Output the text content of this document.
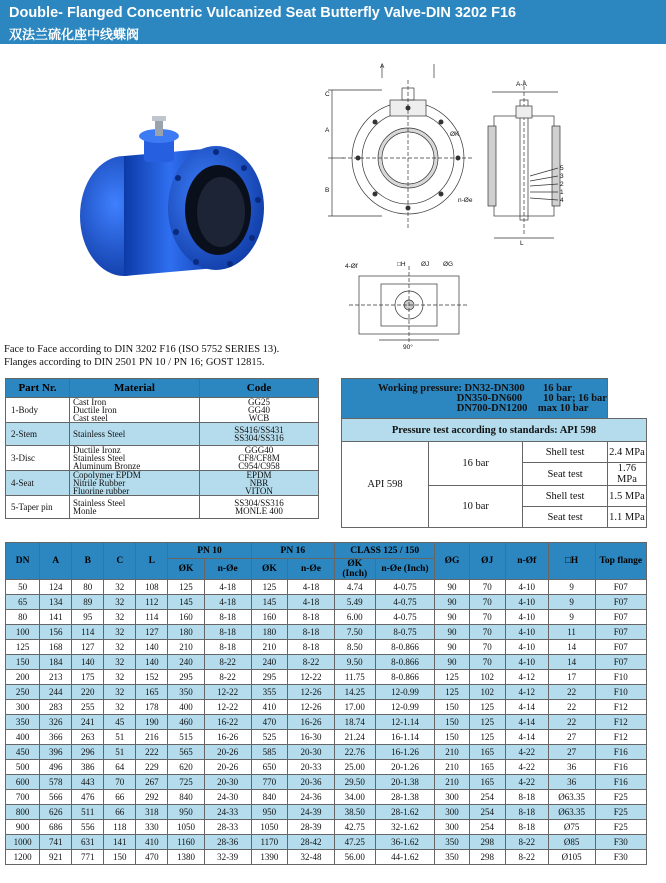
Double- Flanged Concentric Vulcanized Seat Butterfly Valve-DIN 3202 F16
双法兰硫化座中线蝶阀
A
A-A
C
A
B
L
ØK
n-Øe
5
3
2
1
4
4-Øf	□H ØJ ØG
90°
Face to Face according to DIN 3202 F16 (ISO 5752 SERIES 13).
Flanges according to DIN 2501 PN 10 / PN 16; GOST 12815.
Part Nr.	Material	Code
1-Body	Cast Iron
Ductile Iron
Cast steel	GG25
GG40
WCB

2-Stem	Stainless Steel	SS416/SS431
SS304/SS316

3-Disc	Ductile Ironz
Stainless Steel
Aluminum Bronze	GGG40
CF8/CF8M
C954/C958

4-Seat	Copolymer EPDM
Nitrile Rubber
Fluorine rubber	EPDM
NBR
VITON

5-Taper pin	Stainless Steel
Monle	SS304/SS316
MONLE 400
Working pressure: DN32-DN300       16 bar
DN350-DN600        10 bar; 16 bar
DN700-DN1200    max 10 bar			

Pressure test according to standards: API 598			
API 598	16 bar	Shell test	2.4 MPa
		Seat test	1.76 MPa
	10 bar	Shell test	1.5 MPa
		Seat test	1.1 MPa
DN	A	B	C	L	PN 10		PN 16		CLASS 125 / 150		ØG	ØJ	n-Øf	□H	Top flange
					ØK	n-Øe	ØK	n-Øe	ØK (Inch)	n-Øe (Inch)					
50	124	80	32	108	125	4-18	125	4-18	4.74	4-0.75	90	70	4-10	9	F07
65	134	89	32	112	145	4-18	145	4-18	5.49	4-0.75	90	70	4-10	9	F07
80	141	95	32	114	160	8-18	160	8-18	6.00	4-0.75	90	70	4-10	9	F07
100	156	114	32	127	180	8-18	180	8-18	7.50	8-0.75	90	70	4-10	11	F07
125	168	127	32	140	210	8-18	210	8-18	8.50	8-0.866	90	70	4-10	14	F07
150	184	140	32	140	240	8-22	240	8-22	9.50	8-0.866	90	70	4-10	14	F07
200	213	175	32	152	295	8-22	295	12-22	11.75	8-0.866	125	102	4-12	17	F10
250	244	220	32	165	350	12-22	355	12-26	14.25	12-0.99	125	102	4-12	22	F10
300	283	255	32	178	400	12-22	410	12-26	17.00	12-0.99	150	125	4-14	22	F12
350	326	241	45	190	460	16-22	470	16-26	18.74	12-1.14	150	125	4-14	22	F12
400	366	263	51	216	515	16-26	525	16-30	21.24	16-1.14	150	125	4-14	27	F12
450	396	296	51	222	565	20-26	585	20-30	22.76	16-1.26	210	165	4-22	27	F16
500	496	386	64	229	620	20-26	650	20-33	25.00	20-1.26	210	165	4-22	36	F16
600	578	443	70	267	725	20-30	770	20-36	29.50	20-1.38	210	165	4-22	36	F16
700	566	476	66	292	840	24-30	840	24-36	34.00	28-1.38	300	254	8-18	Ø63.35	F25
800	626	511	66	318	950	24-33	950	24-39	38.50	28-1.62	300	254	8-18	Ø63.35	F25
900	686	556	118	330	1050	28-33	1050	28-39	42.75	32-1.62	300	254	8-18	Ø75	F25
1000	741	631	141	410	1160	28-36	1170	28-42	47.25	36-1.62	350	298	8-22	Ø85	F30
1200	921	771	150	470	1380	32-39	1390	32-48	56.00	44-1.62	350	298	8-22	Ø105	F30
